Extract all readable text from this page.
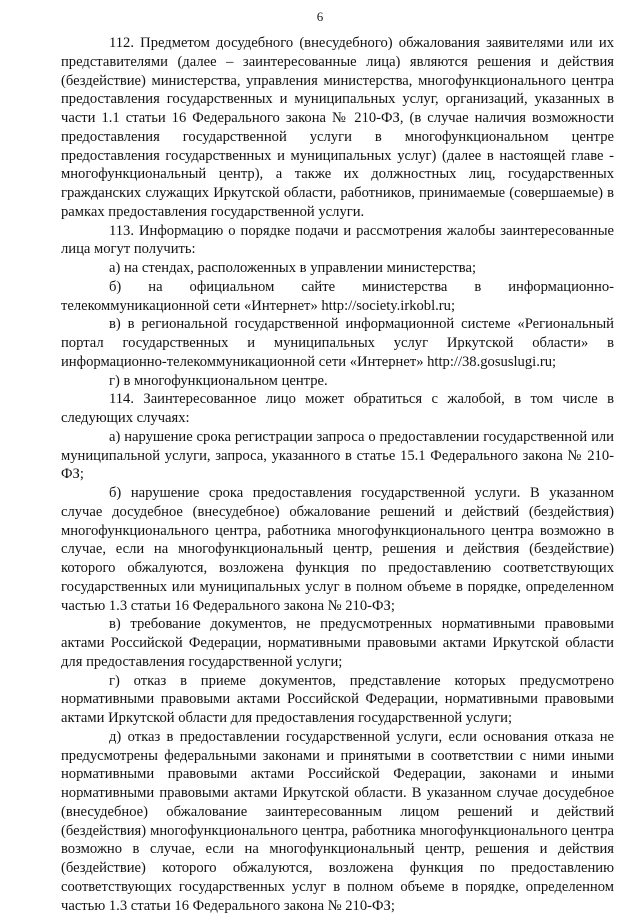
6

112. Предметом досудебного (внесудебного) обжалования заявителями или их представителями (далее – заинтересованные лица) являются решения и действия (бездействие) министерства, управления министерства, многофункционального центра предоставления государственных и муниципальных услуг, организаций, указанных в части 1.1 статьи 16 Федерального закона № 210-ФЗ, (в случае наличия возможности предоставления государственной услуги в многофункциональном центре предоставления государственных и муниципальных услуг) (далее в настоящей главе - многофункциональный центр), а также их должностных лиц, государственных гражданских служащих Иркутской области, работников, принимаемые (совершаемые) в рамках предоставления государственной услуги.

113. Информацию о порядке подачи и рассмотрения жалобы заинтересованные лица могут получить:

а) на стендах, расположенных в управлении министерства;

б) на официальном сайте министерства в информационно-телекоммуникационной сети «Интернет» http://society.irkobl.ru;

в) в региональной государственной информационной системе «Региональный портал государственных и муниципальных услуг Иркутской области» в информационно-телекоммуникационной сети «Интернет» http://38.gosuslugi.ru;

г) в многофункциональном центре.

114. Заинтересованное лицо может обратиться с жалобой, в том числе в следующих случаях:

а) нарушение срока регистрации запроса о предоставлении государственной или муниципальной услуги, запроса, указанного в статье 15.1 Федерального закона № 210-ФЗ;

б) нарушение срока предоставления государственной услуги. В указанном случае досудебное (внесудебное) обжалование решений и действий (бездействия) многофункционального центра, работника многофункционального центра возможно в случае, если на многофункциональный центр, решения и действия (бездействие) которого обжалуются, возложена функция по предоставлению соответствующих государственных или муниципальных услуг в полном объеме в порядке, определенном частью 1.3 статьи 16 Федерального закона № 210-ФЗ;

в) требование документов, не предусмотренных нормативными правовыми актами Российской Федерации, нормативными правовыми актами Иркутской области для предоставления государственной услуги;

г) отказ в приеме документов, представление которых предусмотрено нормативными правовыми актами Российской Федерации, нормативными правовыми актами Иркутской области для предоставления государственной услуги;

д) отказ в предоставлении государственной услуги, если основания отказа не предусмотрены федеральными законами и принятыми в соответствии с ними иными нормативными правовыми актами Российской Федерации, законами и иными нормативными правовыми актами Иркутской области. В указанном случае досудебное (внесудебное) обжалование заинтересованным лицом решений и действий (бездействия) многофункционального центра, работника многофункционального центра возможно в случае, если на многофункциональный центр, решения и действия (бездействие) которого обжалуются, возложена функция по предоставлению соответствующих государственных услуг в полном объеме в порядке, определенном частью 1.3 статьи 16 Федерального закона № 210-ФЗ;
